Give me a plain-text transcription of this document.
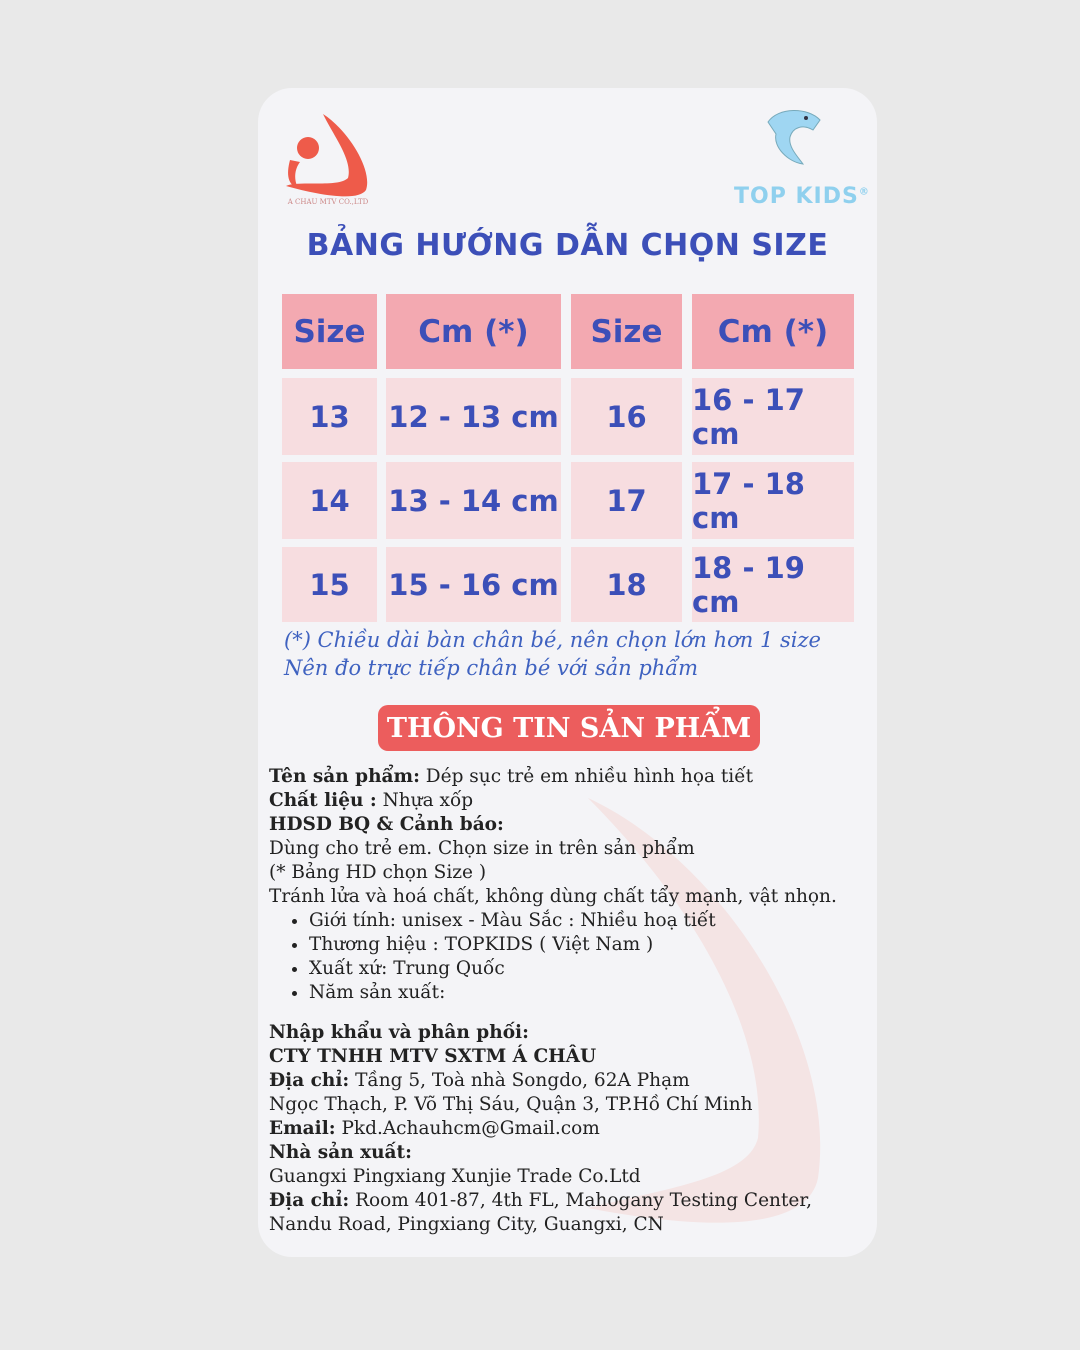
A CHAU MTV CO.,LTD	TOP KIDS®
BẢNG HƯỚNG DẪN CHỌN SIZE
Size	Cm (*)	Size	Cm (*)
13	12 - 13 cm	16	16 - 17 cm
14	13 - 14 cm	17	17 - 18 cm
15	15 - 16 cm	18	18 - 19 cm
(*) Chiều dài bàn chân bé, nên chọn lớn hơn 1 size
Nên đo trực tiếp chân bé với sản phẩm
THÔNG TIN SẢN PHẨM
Tên sản phẩm: Dép sục trẻ em nhiều hình họa tiết
Chất liệu : Nhựa xốp
HDSD BQ & Cảnh báo:
Dùng cho trẻ em. Chọn size in trên sản phẩm
(* Bảng HD chọn Size )
Tránh lửa và hoá chất, không dùng chất tẩy mạnh, vật nhọn.
• Giới tính: unisex - Màu Sắc : Nhiều hoạ tiết
• Thương hiệu : TOPKIDS ( Việt Nam )
• Xuất xứ: Trung Quốc
• Năm sản xuất:
Nhập khẩu và phân phối:
CTY TNHH MTV SXTM Á CHÂU
Địa chỉ: Tầng 5, Toà nhà Songdo, 62A Phạm
Ngọc Thạch, P. Võ Thị Sáu, Quận 3, TP.Hồ Chí Minh
Email: Pkd.Achauhcm@Gmail.com
Nhà sản xuất:
Guangxi Pingxiang Xunjie Trade Co.Ltd
Địa chỉ: Room 401-87, 4th FL, Mahogany Testing Center,
Nandu Road, Pingxiang City, Guangxi, CN
